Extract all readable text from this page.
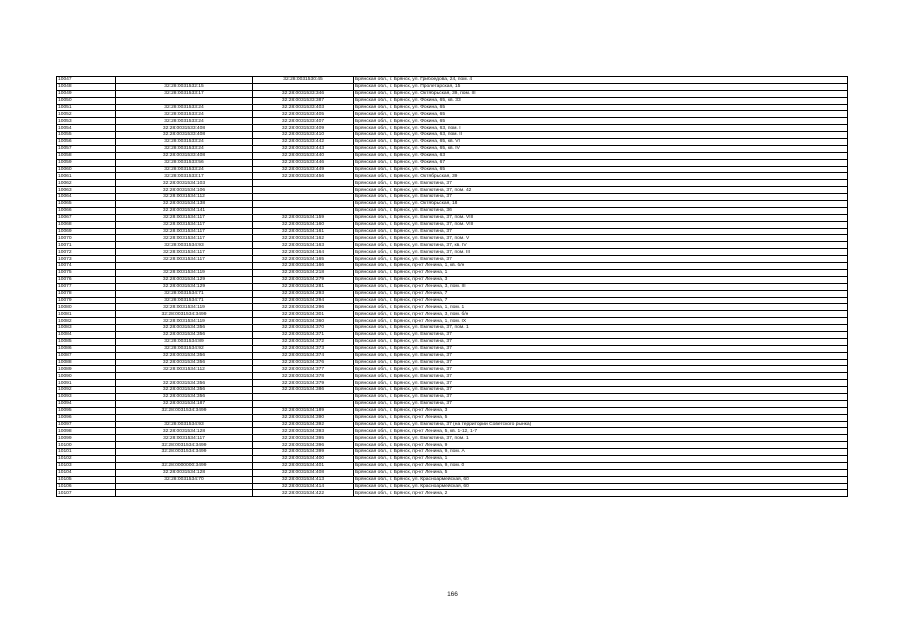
10047		32:28:0031530:45	Брянская обл., г. Брянск, ул. Грибоедова, 24, пом. 4
10048	32:28:0031532:15		Брянская обл., г. Брянск, ул. Пролетарская, 15
10049	32:28:0031533:17	32:28:0031533:346	Брянская обл., г. Брянск, ул. Октябрьская, 39, пом. III
10050		32:28:0031533:387	Брянская обл., г. Брянск, ул. Фокина, 65, кв. 33
10051	32:28:0031533:24	32:28:0031533:403	Брянская обл., г. Брянск, ул. Фокина, 65
10052	32:28:0031533:24	32:28:0031533:405	Брянская обл., г. Брянск, ул. Фокина, 65
10053	32:28:0031533:24	32:28:0031533:407	Брянская обл., г. Брянск, ул. Фокина, 65
10054	32:28:0031533:408	32:28:0031533:409	Брянская обл., г. Брянск, ул. Фокина, 63, пом. I
10055	32:28:0031533:408	32:28:0031533:410	Брянская обл., г. Брянск, ул. Фокина, 63, пом. II
10056	32:28:0031533:24	32:28:0031533:442	Брянская обл., г. Брянск, ул. Фокина, 65, кв. VI
10057	32:28:0031533:24	32:28:0031533:443	Брянская обл., г. Брянск, ул. Фокина, 65, кв. IV
10058	32:28:0031533:408	32:28:0031533:440	Брянская обл., г. Брянск, ул. Фокина, 63
10059	32:28:0031533:56	32:28:0031533:446	Брянская обл., г. Брянск, ул. Фокина, 67
10060	32:28:0031533:24	32:28:0031533:449	Брянская обл., г. Брянск, ул. Фокина, 65
10061	32:28:0031533:17	32:28:0031533:456	Брянская обл., г. Брянск, ул. Октябрьская, 39
10062	32:28:0031534:103		Брянская обл., г. Брянск, ул. Емлютина, 37
10063	32:28:0031534:106		Брянская обл., г. Брянск, ул. Емлютина, 37, пом. 42
10064	32:28:0031534:112		Брянская обл., г. Брянск, ул. Емлютина, 37
10065	32:28:0031534:138		Брянская обл., г. Брянск, ул. Октябрьская, 18
10066	32:28:0031534:141		Брянская обл., г. Брянск, ул. Емлютина, 36
10067	32:28:0031534:117	32:28:0031534:159	Брянская обл., г. Брянск, ул. Емлютина, 37, пом. VIII
10068	32:28:0031534:117	32:28:0031534:160	Брянская обл., г. Брянск, ул. Емлютина, 37, пом. VIII
10069	32:28:0031534:117	32:28:0031534:161	Брянская обл., г. Брянск, ул. Емлютина, 37
10070	32:28:0031534:117	32:28:0031534:162	Брянская обл., г. Брянск, ул. Емлютина, 37, пом. V
10071	32:28:0031534:93	32:28:0031534:163	Брянская обл., г. Брянск, ул. Емлютина, 37, кв. IV
10072	32:28:0031534:117	32:28:0031534:164	Брянская обл., г. Брянск, ул. Емлютина, 37, пом. III
10073	32:28:0031534:117	32:28:0031534:165	Брянская обл., г. Брянск, ул. Емлютина, 37
10074		32:28:0031534:166	Брянская обл., г. Брянск, пр-кт Ленина, 1, кв. б/н
10075	32:28:0031534:119	32:28:0031534:218	Брянская обл., г. Брянск, пр-кт Ленина, 1
10076	32:28:0031534:129	32:28:0031534:279	Брянская обл., г. Брянск, пр-кт Ленина, 3
10077	32:28:0031534:129	32:28:0031534:281	Брянская обл., г. Брянск, пр-кт Ленина, 3, пом. III
10078	32:28:0031534:71	32:28:0031534:293	Брянская обл., г. Брянск, пр-кт Ленина, 7
10079	32:28:0031534:71	32:28:0031534:294	Брянская обл., г. Брянск, пр-кт Ленина, 7
10080	32:28:0031534:119	32:28:0031534:296	Брянская обл., г. Брянск, пр-кт Ленина, 1, пом. 1
10081	32:28:0031534:3499	32:28:0031534:301	Брянская обл., г. Брянск, пр-кт Ленина, 3, пом. б/н
10082	32:28:0031534:119	32:28:0031534:360	Брянская обл., г. Брянск, пр-кт Ленина, 1, пом. IX
10083	32:28:0031534:356	32:28:0031534:370	Брянская обл., г. Брянск, ул. Емлютина, 37, пом. 1
10084	32:28:0031534:356	32:28:0031534:371	Брянская обл., г. Брянск, ул. Емлютина, 37
10085	32:28:0031534:89	32:28:0031534:372	Брянская обл., г. Брянск, ул. Емлютина, 37
10086	32:28:0031534:92	32:28:0031534:373	Брянская обл., г. Брянск, ул. Емлютина, 37
10087	32:28:0031534:356	32:28:0031534:374	Брянская обл., г. Брянск, ул. Емлютина, 37
10088	32:28:0031534:356	32:28:0031534:376	Брянская обл., г. Брянск, ул. Емлютина, 37
10089	32:28:0031534:112	32:28:0031534:377	Брянская обл., г. Брянск, ул. Емлютина, 37
10090		32:28:0031534:378	Брянская обл., г. Брянск, ул. Емлютина, 37
10091	32:28:0031534:356	32:28:0031534:379	Брянская обл., г. Брянск, ул. Емлютина, 37
10092	32:28:0031534:356	32:28:0031534:386	Брянская обл., г. Брянск, ул. Емлютина, 37
10093	32:28:0031534:356		Брянская обл., г. Брянск, ул. Емлютина, 37
10094	32:28:0031534:187		Брянская обл., г. Брянск, ул. Емлютина, 37
10095	32:28:0031534:3499	32:28:0031534:189	Брянская обл., г. Брянск, пр-кт Ленина, 3
10096		32:28:0031534:390	Брянская обл., г. Брянск, пр-кт Ленина, 5
10097	32:28:0031534:93	32:28:0031534:392	Брянская обл., г. Брянск, ул. Емлютина, 37 (на территории Советского рынка)
10098	32:28:0031534:128	32:28:0031534:393	Брянская обл., г. Брянск, пр-кт Ленина, 5, кв. 1-12, 1-7
10099	32:28:0031534:117	32:28:0031534:395	Брянская обл., г. Брянск, ул. Емлютина, 37, пом. 1
10100	32:28:0031534:3499	32:28:0031534:396	Брянская обл., г. Брянск, пр-кт Ленина, 9
10101	32:28:0031534:3499	32:28:0031534:399	Брянская обл., г. Брянск, пр-кт Ленина, 9, пом. А
10102		32:28:0031534:400	Брянская обл., г. Брянск, пр-кт Ленина, 1
10103	32:28:0000000:3499	32:28:0031534:401	Брянская обл., г. Брянск, пр-кт Ленина, 9, пом. 0
10104	32:28:0031534:128	32:28:0031534:408	Брянская обл., г. Брянск, пр-кт Ленина, 5
10105	32:28:0031534:70	32:28:0031534:413	Брянская обл., г. Брянск, ул. Красноармейская, 60
10106		32:28:0031534:414	Брянская обл., г. Брянск, ул. Красноармейская, 60
10107		32:28:0031534:422	Брянская обл., г. Брянск, пр-кт Ленина, 2
166
